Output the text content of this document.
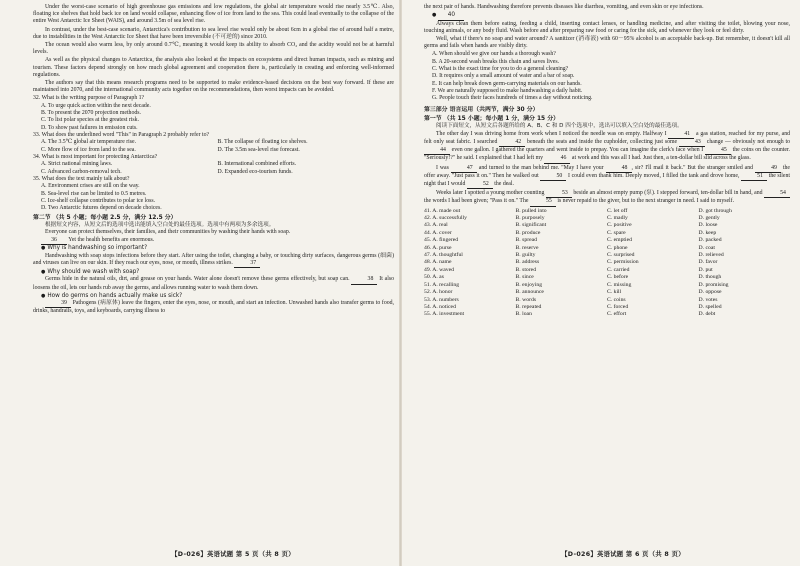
Under the worst-case scenario of high greenhouse gas emissions and low regulations, the global air temperature would rise nearly 3.5℃. Also, floating ice shelves that hold back ice on land would collapse, enhancing flow of ice from land to the sea. This could lead eventually to the collapse of the entire West Antarctic Ice Sheet (WAIS), and around 3.5m of sea level rise.

In contrast, under the best-case scenario, Antarctica's contribution to sea level rise would only be about 6cm in a global rise of around half a metre, due to instabilities in the West Antarctic Ice Sheet that have been irreversible (不可逆的) since 2010.

The ocean would also warm less, by only around 0.7℃, meaning it would keep its ability to absorb CO₂ and the acidity would not be at harmful levels.

As well as the physical changes to Antarctica, the analysis also looked at the impacts on ecosystems and direct human impacts, such as mining and tourism. These factors depend strongly on how much global agreement and cooperation there is, particularly in creating and enforcing well-informed regulations.

The authors say that this means research programs need to be supported to make evidence-based decisions on the best way forward. If these are maintained into 2070, and the international community acts together on the recommendations, then worst impacts can be avoided.

32. What is the writing purpose of Paragraph 1?

A. To urge quick action within the next decade.
B. To present the 2070 projection methods.
C. To list polar species at the greatest risk.
D. To show past failures in emission cuts.

33. What does the underlined word "This" in Paragraph 2 probably refer to?

A. The 3.5℃ global air temperature rise.	B. The collapse of floating ice shelves.
C. More flow of ice from land to the sea.	D. The 3.5m sea-level rise forecast.

34. What is most important for protecting Antarctica?

A. Strict national mining laws.	B. International combined efforts.
C. Advanced carbon-removal tech.	D. Expanded eco-tourism funds.

35. What does the text mainly talk about?

A. Environment crises are still on the way.
B. Sea-level rise can be limited to 0.5 metres.
C. Ice-shelf collapse contributes to polar ice loss.
D. Two Antarctic futures depend on decade choices.

第二节 （共 5 小题；每小题 2.5 分，满分 12.5 分）

根据短文内容，从短文后的选项中选出能填入空白处的最佳选项。选项中有两项为多余选项。

Everyone can protect themselves, their families, and their communities by washing their hands with soap.

36 Yet the health benefits are enormous.

● Why is handwashing so important?

Handwashing with soap stops infections before they start. After using the toilet, changing a baby, or touching dirty surfaces, dangerous germs (细菌) and viruses can live on our skin. If they reach our eyes, nose, or mouth, illness strikes.	37

● Why should we wash with soap?

Germs hide in the natural oils, dirt, and grease on your hands. Water alone doesn't remove these germs effectively, but soap can.	38 It also loosens the oil, lets our hands rub away the germs, and allows running water to wash them down.

● How do germs on hands actually make us sick?

39 Pathogens (病原体) leave the fingers, enter the eyes, nose, or mouth, and start an infection. Unwashed hands also transfer germs to food, drinks, handrails, toys, and keyboards, carrying illness to

【D-026】英语试题 第 5 页（共 8 页）

the next pair of hands. Handwashing therefore prevents diseases like diarrhea, vomiting, and even skin or eye infections.

● 40

Always clean them before eating, feeding a child, inserting contact lenses, or handling medicine, and after visiting the toilet, blowing your nose, touching animals, or any body fluid. Wash before and after preparing raw food or caring for the sick, and whenever they look or feel dirty.

Well, what if there's no soap and water around? A sanitizer (消毒液) with 60－95% alcohol is an acceptable back-up. But remember, it doesn't kill all germs and fails when hands are visibly dirty.

A. When should we give our hands a thorough wash?
B. A 20-second wash breaks this chain and saves lives.
C. What is the exact time for you to do a general cleaning?
D. It requires only a small amount of water and a bar of soap.
E. It can help break down germ-carrying materials on our hands.
F. We are naturally supposed to make handwashing a daily habit.
G. People touch their faces hundreds of times a day without noticing.

第三部分 语言运用（共两节，满分 30 分）

第一节 （共 15 小题；每小题 1 分，满分 15 分）

阅读下面短文，从短文后各题所给的 A、B、C 和 D 四个选项中，选出可以填入空白处的最佳选项。

The other day I was driving home from work when I noticed the needle was on empty. Halfway I	41 a gas station, reached for my purse, and felt only seat fabric. I searched	42 beneath the seats and inside the cupholder, collecting just some	43 change — obviously not enough to 44 even one gallon. I gathered the quarters and went inside to prepay. You can imagine the clerk's face when I	45 the coins on the counter. "Seriously!?" he said. I explained that I had left my	46 at work and this was all I had. Just then, a ten-dollar bill slid across the glass.

I was	47 and turned to the man behind me. "May I have your	48 , sir? I'll mail it back." But the stranger smiled and	49 the offer away. "Just pass it on." Then he walked out	50 I could even thank him. Deeply moved, I filled the tank and drove home,	51 the silent night that I would	52 the deal.

Weeks later I spotted a young mother counting	53 beside an almost empty pump (泵). I stepped forward, ten-dollar bill in hand, and	54 the words I had been given; "Pass it on." The	55 is never repaid to the giver, but to the next stranger in need. I said to myself.

41. A. made out	B. pulled into	C. let off	D. got through
42. A. successfully	B. purposely	C. madly	D. gently
43. A. real	B. significant	C. positive	D. loose
44. A. cover	B. produce	C. spare	D. keep
45. A. fingered	B. spread	C. emptied	D. packed
46. A. purse	B. reserve	C. phone	D. coat
47. A. thoughtful	B. guilty	C. surprised	D. relieved
48. A. name	B. address	C. permission	D. favor
49. A. waved	B. stored	C. carried	D. put
50. A. as	B. since	C. before	D. though
51. A. recalling	B. enjoying	C. missing	D. promising
52. A. honor	B. announce	C. kill	D. oppose
53. A. numbers	B. words	C. coins	D. votes
54. A. noticed	B. repeated	C. forced	D. spelled
55. A. investment	B. loan	C. effort	D. debt
【D-026】英语试题 第 6 页（共 8 页）
